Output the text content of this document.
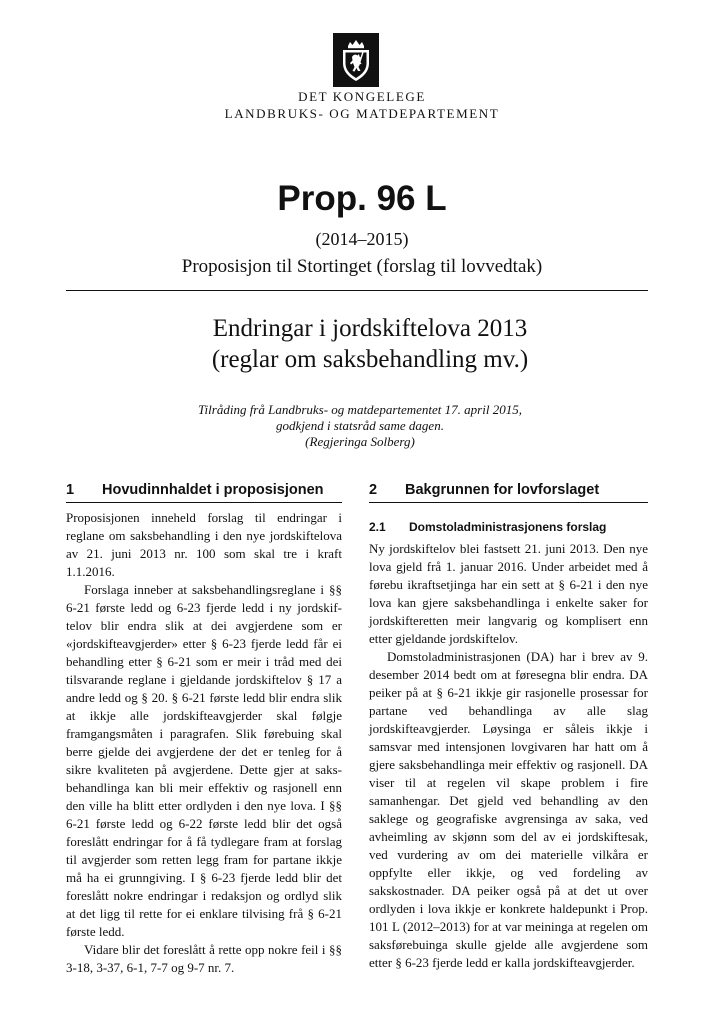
DET KONGELEGE
LANDBRUKS- OG MATDEPARTEMENT
Prop. 96 L
(2014–2015)
Proposisjon til Stortinget (forslag til lovvedtak)
Endringar i jordskiftelova 2013
(reglar om saksbehandling mv.)
Tilråding frå Landbruks- og matdepartementet 17. april 2015,
godkjend i statsråd same dagen.
(Regjeringa Solberg)
1 Hovudinnhaldet i proposisjonen	2 Bakgrunnen for lovforslaget
2.1 Domstoladministrasjonens forslag

Proposisjonen inneheld forslag til endringar i reglane om saksbehandling i den nye jordskiftelova av 21. juni 2013 nr. 100 som skal tre i kraft 1.1.2016.

Forslaga inneber at saksbehandlingsreglane i §§ 6-21 første ledd og 6-23 fjerde ledd i ny jordskiftelov blir endra slik at dei avgjerdene som er «jordskifteavgjerder» etter § 6-23 fjerde ledd får ei behandling etter § 6-21 som er meir i tråd med dei tilsvarande reglane i gjeldande jordskiftelov § 17 a andre ledd og § 20. § 6-21 første ledd blir endra slik at ikkje alle jordskifteavgjerder skal følgje framgangsmåten i paragrafen. Slik førebuing skal berre gjelde dei avgjerdene der det er tenleg for å sikre kvaliteten på avgjerdene. Dette gjer at saksbehandlinga kan bli meir effektiv og rasjonell enn den ville ha blitt etter ordlyden i den nye lova. I §§ 6-21 første ledd og 6-22 første ledd blir det også foreslått endringar for å få tydlegare fram at forslag til avgjerder som retten legg fram for partane ikkje må ha ei grunngiving. I § 6-23 fjerde ledd blir det foreslått nokre endringar i redaksjon og ordlyd slik at det ligg til rette for ei enklare tilvising frå § 6-21 første ledd.

Vidare blir det foreslått å rette opp nokre feil i §§ 3-18, 3-37, 6-1, 7-7 og 9-7 nr. 7.

Ny jordskiftelov blei fastsett 21. juni 2013. Den nye lova gjeld frå 1. januar 2016. Under arbeidet med å førebu ikraftsetjinga har ein sett at § 6-21 i den nye lova kan gjere saksbehandlinga i enkelte saker for jordskifteretten meir langvarig og komplisert enn etter gjeldande jordskiftelov.

Domstoladministrasjonen (DA) har i brev av 9. desember 2014 bedt om at føresegna blir endra. DA peiker på at § 6-21 ikkje gir rasjonelle prosessar for partane ved behandlinga av alle slag jordskifteavgjerder. Løysinga er såleis ikkje i samsvar med intensjonen lovgivaren har hatt om å gjere saksbehandlinga meir effektiv og rasjonell. DA viser til at regelen vil skape problem i fire samanhengar. Det gjeld ved behandling av den saklege og geografiske avgrensinga av saka, ved avheimling av skjønn som del av ei jordskiftesak, ved vurdering av om dei materielle vilkåra er oppfylte eller ikkje, og ved fordeling av sakskostnader. DA peiker også på at det ut over ordlyden i lova ikkje er konkrete haldepunkt i Prop. 101 L (2012–2013) for at var meininga at regelen om saksførebuinga skulle gjelde alle avgjerdene som etter § 6-23 fjerde ledd er kalla jordskifteavgjerder.
